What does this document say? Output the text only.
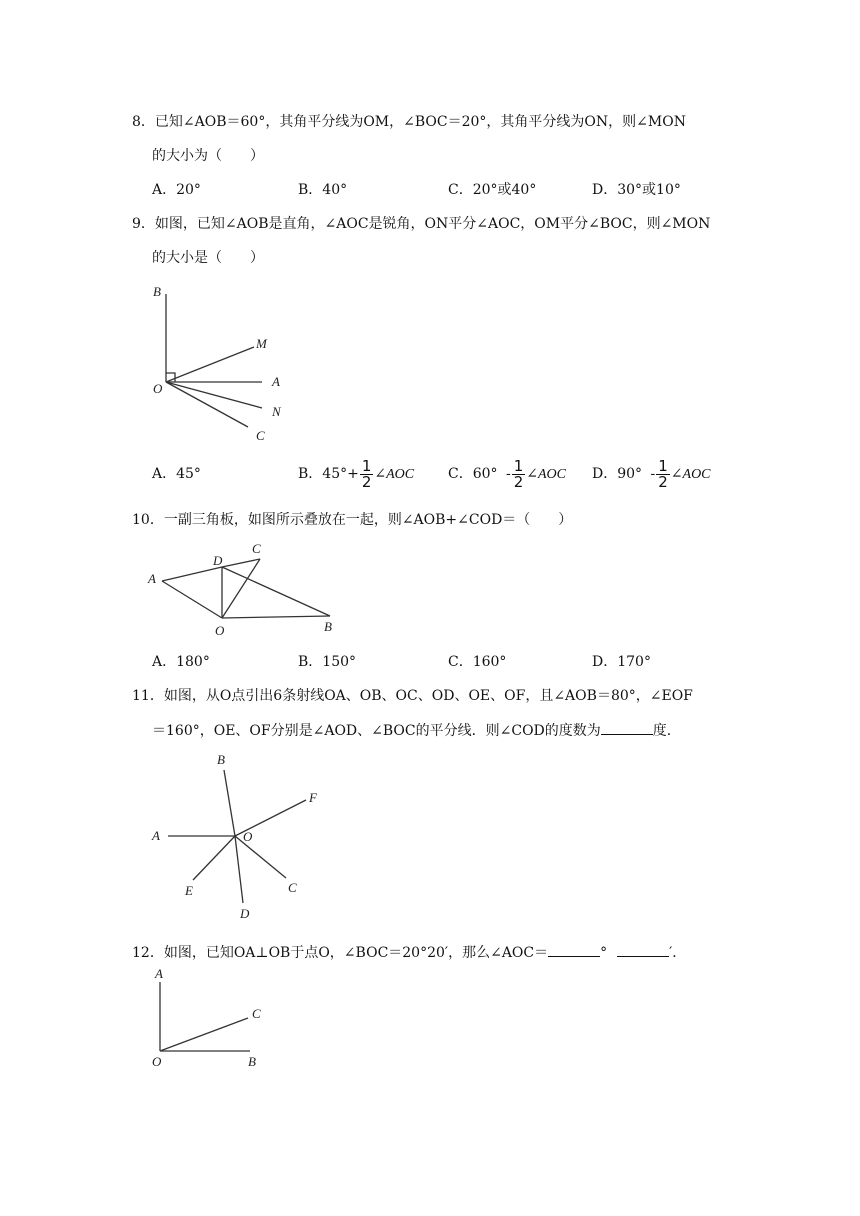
8．已知∠AOB＝60°，其角平分线为OM，∠BOC＝20°，其角平分线为ON，则∠MON
的大小为（　　）
A．20°	B．40°	C．20°或40°	D．30°或10°
9．如图，已知∠AOB是直角，∠AOC是锐角，ON平分∠AOC，OM平分∠BOC，则∠MON
的大小是（　　）
B
M
O	A
N
C
A．45°	B．$45^\circ+ \frac{1}{2}$ ∠AOC C．$60^\circ - \frac{1}{2}$ ∠AOC D．$90^\circ - \frac{1}{2}$ ∠AOC
10．一副三角板，如图所示叠放在一起，则∠AOB+∠COD＝（　　）
A
D
C
O	B
A．180°	B．150°	C．160°	D．170°
11．如图，从O点引出6条射线OA、OB、OC、OD、OE、OF，且∠AOB＝80°，∠EOF
＝160°，OE、OF分别是∠AOD、∠BOC的平分线．则∠COD的度数为	度．
B
F
A	O
E	C
D
12．如图，已知OA⊥OB于点O，∠BOC＝20°20′，那么∠AOC＝	°	′．
A
C
O	B
